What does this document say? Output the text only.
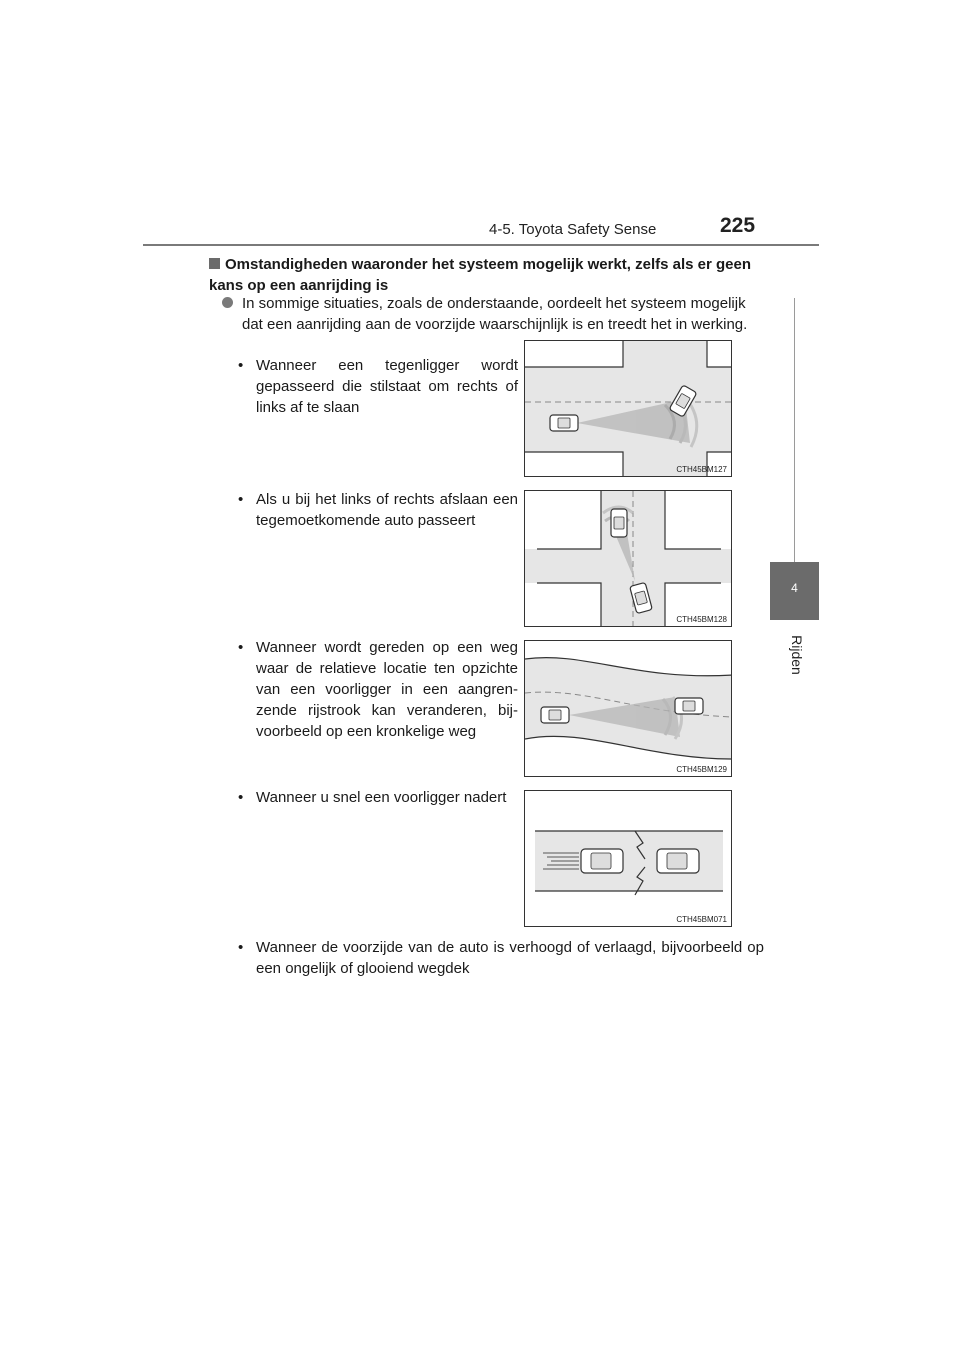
4-5. Toyota Safety Sense	225
4
Rijden
Omstandigheden waaronder het systeem mogelijk werkt, zelfs als er geen kans op een aanrijding is
In sommige situaties, zoals de onderstaande, oordeelt het systeem mogelijk dat een aanrijding aan de voorzijde waarschijnlijk is en treedt het in werking.
• Wanneer een tegenligger wordt gepasseerd die stilstaat om rechts of links af te slaan
• Als u bij het links of rechts afslaan een tegemoetkomende auto passeert
• Wanneer wordt gereden op een weg waar de relatieve locatie ten opzichte van een voorligger in een aangren-zende rijstrook kan veranderen, bij-voorbeeld op een kronkelige weg
• Wanneer u snel een voorligger nadert
• Wanneer de voorzijde van de auto is verhoogd of verlaagd, bijvoorbeeld op een ongelijk of glooiend wegdek
CTH45BM127
CTH45BM128
CTH45BM129
CTH45BM071
